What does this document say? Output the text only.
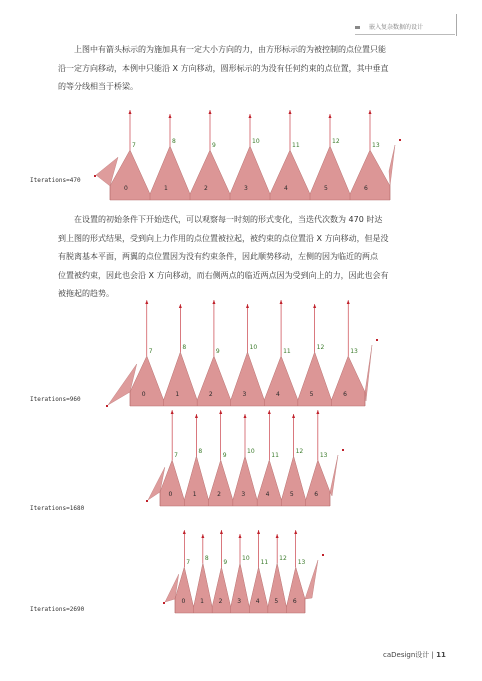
嵌入复杂数据的设计

上图中有箭头标示的为施加具有一定大小方向的力，由方形标示的为被控制的点位置只能
沿一定方向移动，本例中只能沿 X 方向移动，圆形标示的为没有任何约束的点位置，其中垂直
的等分线相当于桥梁。

在设置的初始条件下开始迭代，可以观察每一时刻的形式变化，当迭代次数为 470 时达
到上图的形式结果，受到向上力作用的点位置被拉起，被约束的点位置沿 X 方向移动，但是没
有脱离基本平面，两翼的点位置因为没有约束条件，因此顺势移动，左侧的因为临近的两点
位置被约束，因此也会沿 X 方向移动，而右侧两点的临近两点因为受到向上的力，因此也会有
被拖起的趋势。

Iterations=470
Iterations=960
Iterations=1680
Iterations=2690
7
8
9
10
11
12
13
0	1	2	3	4	5	6
7
8
9
10
11
12
13
0	1	2	3	4	5	6
7
8
9
10
11
12
13
0	1	2	3	4	5	6
7
8
9
10
11
12
13
0 1 2 3 4 5 6
caDesign设计 | 11
